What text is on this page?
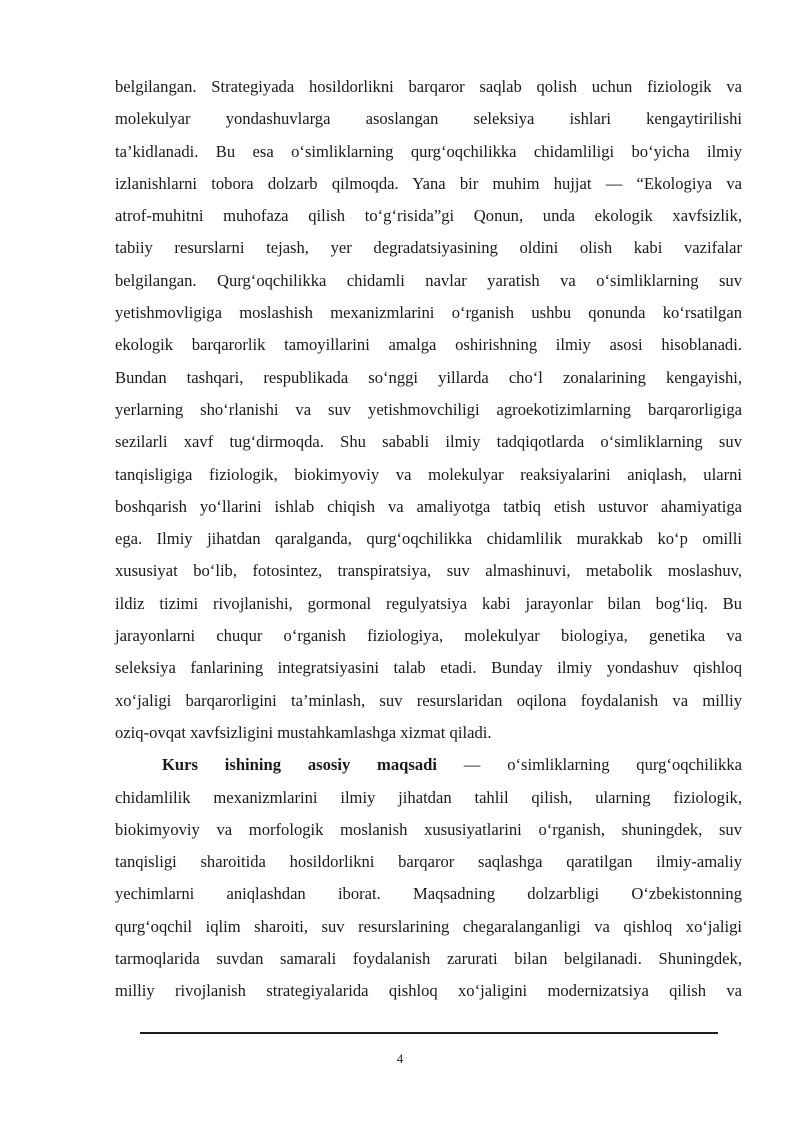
belgilangan. Strategiyada hosildorlikni barqaror saqlab qolish uchun fiziologik va
molekulyar yondashuvlarga asoslangan seleksiya ishlari kengaytirilishi
ta’kidlanadi. Bu esa o‘simliklarning qurg‘oqchilikka chidamliligi bo‘yicha ilmiy
izlanishlarni tobora dolzarb qilmoqda. Yana bir muhim hujjat — “Ekologiya va
atrof-muhitni muhofaza qilish to‘g‘risida”gi Qonun, unda ekologik xavfsizlik,
tabiiy resurslarni tejash, yer degradatsiyasining oldini olish kabi vazifalar
belgilangan. Qurg‘oqchilikka chidamli navlar yaratish va o‘simliklarning suv
yetishmovligiga moslashish mexanizmlarini o‘rganish ushbu qonunda ko‘rsatilgan
ekologik barqarorlik tamoyillarini amalga oshirishning ilmiy asosi hisoblanadi.
Bundan tashqari, respublikada so‘nggi yillarda cho‘l zonalarining kengayishi,
yerlarning sho‘rlanishi va suv yetishmovchiligi agroekotizimlarning barqarorligiga
sezilarli xavf tug‘dirmoqda. Shu sababli ilmiy tadqiqotlarda o‘simliklarning suv
tanqisligiga fiziologik, biokimyoviy va molekulyar reaksiyalarini aniqlash, ularni
boshqarish yo‘llarini ishlab chiqish va amaliyotga tatbiq etish ustuvor ahamiyatiga
ega. Ilmiy jihatdan qaralganda, qurg‘oqchilikka chidamlilik murakkab ko‘p omilli
xususiyat bo‘lib, fotosintez, transpiratsiya, suv almashinuvi, metabolik moslashuv,
ildiz tizimi rivojlanishi, gormonal regulyatsiya kabi jarayonlar bilan bog‘liq. Bu
jarayonlarni chuqur o‘rganish fiziologiya, molekulyar biologiya, genetika va
seleksiya fanlarining integratsiyasini talab etadi. Bunday ilmiy yondashuv qishloq
xo‘jaligi barqarorligini ta’minlash, suv resurslaridan oqilona foydalanish va milliy
oziq-ovqat xavfsizligini mustahkamlashga xizmat qiladi.
Kurs ishining asosiy maqsadi — o‘simliklarning qurg‘oqchilikka
chidamlilik mexanizmlarini ilmiy jihatdan tahlil qilish, ularning fiziologik,
biokimyoviy va morfologik moslanish xususiyatlarini o‘rganish, shuningdek, suv
tanqisligi sharoitida hosildorlikni barqaror saqlashga qaratilgan ilmiy-amaliy
yechimlarni aniqlashdan iborat. Maqsadning dolzarbligi O‘zbekistonning
qurg‘oqchil iqlim sharoiti, suv resurslarining chegaralanganligi va qishloq xo‘jaligi
tarmoqlarida suvdan samarali foydalanish zarurati bilan belgilanadi. Shuningdek,
milliy rivojlanish strategiyalarida qishloq xo‘jaligini modernizatsiya qilish va
4
